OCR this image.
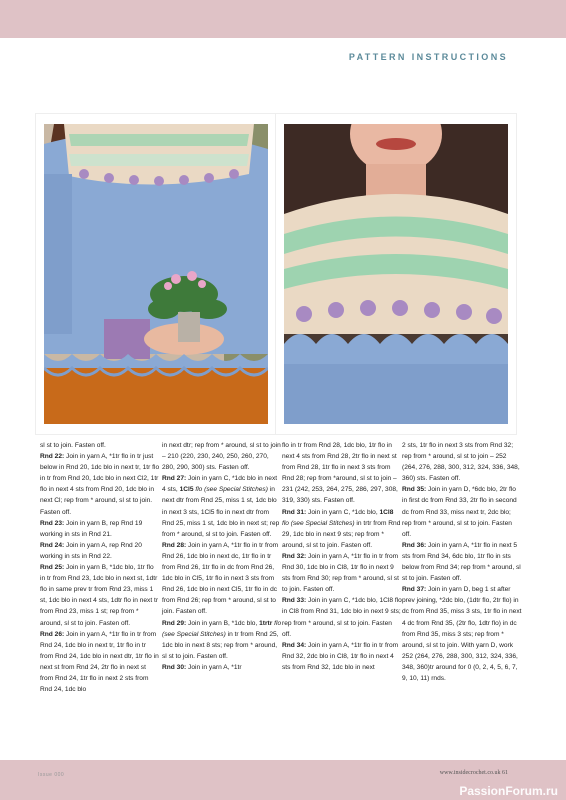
PATTERN INSTRUCTIONS

sl st to join. Fasten off.

Rnd 22: Join in yarn A, *1tr flo in tr just below in Rnd 20, 1dc blo in next tr, 1tr flo in tr from Rnd 20, 1dc blo in next Cl2, 1tr flo in next 4 sts from Rnd 20, 1dc blo in next Cl; rep from * around, sl st to join. Fasten off.

Rnd 23: Join in yarn B, rep Rnd 19 working in sts in Rnd 21.

Rnd 24: Join in yarn A, rep Rnd 20 working in sts in Rnd 22.

Rnd 25: Join in yarn B, *1dc blo, 1tr flo in tr from Rnd 23, 1dc blo in next st, 1dtr flo in same prev tr from Rnd 23, miss 1 st, 1dc blo in next 4 sts, 1dtr flo in next tr from Rnd 23, miss 1 st; rep from * around, sl st to join. Fasten off.

Rnd 26: Join in yarn A, *1tr flo in tr from Rnd 24, 1dc blo in next tr, 1tr flo in tr from Rnd 24, 1dc blo in next dtr, 1tr flo in next st from Rnd 24, 2tr flo in next st from Rnd 24, 1tr flo in next 2 sts from Rnd 24, 1dc blo

in next dtr; rep from * around, sl st to join – 210 (220, 230, 240, 250, 260, 270, 280, 290, 300) sts. Fasten off.

Rnd 27: Join in yarn C, *1dc blo in next 4 sts, 1Cl5 flo (see Special Stitches) in next dtr from Rnd 25, miss 1 st, 1dc blo in next 3 sts, 1Cl5 flo in next dtr from Rnd 25, miss 1 st, 1dc blo in next st; rep from * around, sl st to join. Fasten off.

Rnd 28: Join in yarn A, *1tr flo in tr from Rnd 26, 1dc blo in next dc, 1tr flo in tr from Rnd 26, 1tr flo in dc from Rnd 26, 1dc blo in Cl5, 1tr flo in next 3 sts from Rnd 26, 1dc blo in next Cl5, 1tr flo in dc from Rnd 26; rep from * around, sl st to join. Fasten off.

Rnd 29: Join in yarn B, *1dc blo, 1trtr flo (see Special Stitches) in tr from Rnd 25, 1dc blo in next 8 sts; rep from * around, sl st to join. Fasten off.

Rnd 30: Join in yarn A, *1tr

flo in tr from Rnd 28, 1dc blo, 1tr flo in next 4 sts from Rnd 28, 2tr flo in next st from Rnd 28, 1tr flo in next 3 sts from Rnd 28; rep from *around, sl st to join – 231 (242, 253, 264, 275, 286, 297, 308, 319, 330) sts. Fasten off.

Rnd 31: Join in yarn C, *1dc blo, 1Cl8 flo (see Special Stitches) in trtr from Rnd 29, 1dc blo in next 9 sts; rep from * around, sl st to join. Fasten off.

Rnd 32: Join in yarn A, *1tr flo in tr from Rnd 30, 1dc blo in Cl8, 1tr flo in next 9 sts from Rnd 30; rep from * around, sl st to join. Fasten off.

Rnd 33: Join in yarn C, *1dc blo, 1Cl8 flo in Cl8 from Rnd 31, 1dc blo in next 9 sts; rep from * around, sl st to join. Fasten off.

Rnd 34: Join in yarn A, *1tr flo in tr from Rnd 32, 2dc blo in Cl8, 1tr flo in next 4 sts from Rnd 32, 1dc blo in next

2 sts, 1tr flo in next 3 sts from Rnd 32; rep from * around, sl st to join – 252 (264, 276, 288, 300, 312, 324, 336, 348, 360) sts. Fasten off.

Rnd 35: Join in yarn D, *6dc blo, 2tr flo in first dc from Rnd 33, 2tr flo in second dc from Rnd 33, miss next tr, 2dc blo; rep from * around, sl st to join. Fasten off.

Rnd 36: Join in yarn A, *1tr flo in next 5 sts from Rnd 34, 6dc blo, 1tr flo in sts below from Rnd 34; rep from * around, sl st to join. Fasten off.

Rnd 37: Join in yarn D, beg 1 st after prev joining, *2dc blo, (1dtr flo, 2tr flo) in dc from Rnd 35, miss 3 sts, 1tr flo in next 4 dc from Rnd 35, (2tr flo, 1dtr flo) in dc from Rnd 35, miss 3 sts; rep from * around, sl st to join. With yarn D, work 252 (264, 276, 288, 300, 312, 324, 336, 348, 360)tr around for 0 (0, 2, 4, 5, 6, 7, 9, 10, 11) rnds.

Issue 000	www.insidecrochet.co.uk 61
PassionForum.ru
